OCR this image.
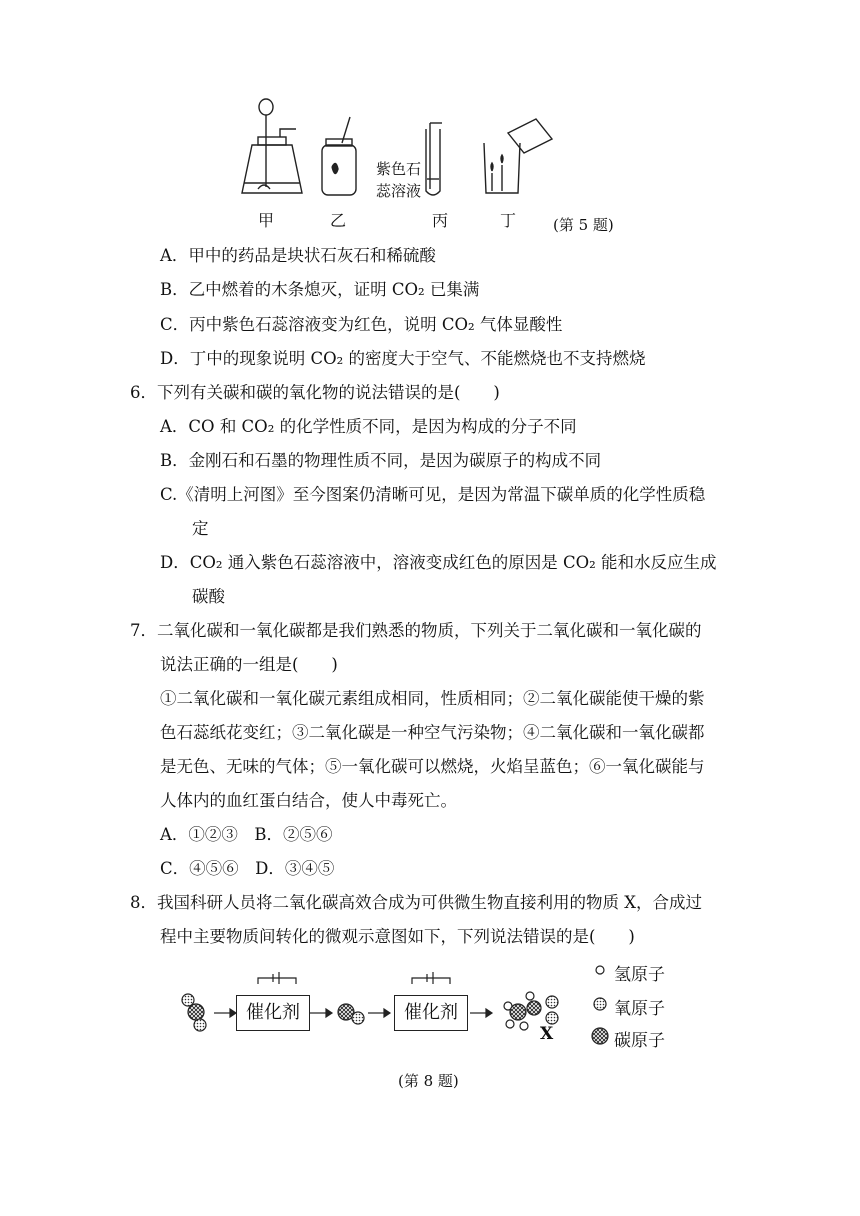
紫色石
蕊溶液
甲	乙	丙	丁 (第 5 题)
A．甲中的药品是块状石灰石和稀硫酸
B．乙中燃着的木条熄灭，证明 CO₂ 已集满
C．丙中紫色石蕊溶液变为红色，说明 CO₂ 气体显酸性
D．丁中的现象说明 CO₂ 的密度大于空气、不能燃烧也不支持燃烧
6．下列有关碳和碳的氧化物的说法错误的是(　　)
A．CO 和 CO₂ 的化学性质不同，是因为构成的分子不同
B．金刚石和石墨的物理性质不同，是因为碳原子的构成不同
C.《清明上河图》至今图案仍清晰可见，是因为常温下碳单质的化学性质稳
定
D．CO₂ 通入紫色石蕊溶液中，溶液变成红色的原因是 CO₂ 能和水反应生成
碳酸
7．二氧化碳和一氧化碳都是我们熟悉的物质，下列关于二氧化碳和一氧化碳的
说法正确的一组是(　　)
①二氧化碳和一氧化碳元素组成相同，性质相同；②二氧化碳能使干燥的紫
色石蕊纸花变红；③二氧化碳是一种空气污染物；④二氧化碳和一氧化碳都
是无色、无味的气体；⑤一氧化碳可以燃烧，火焰呈蓝色；⑥一氧化碳能与
人体内的血红蛋白结合，使人中毒死亡。
A．①②③　B．②⑤⑥
C．④⑤⑥　D．③④⑤
8．我国科研人员将二氧化碳高效合成为可供微生物直接利用的物质 X，合成过
程中主要物质间转化的微观示意图如下，下列说法错误的是(　　)
催化剂	催化剂
X
氢原子
氧原子
碳原子
(第 8 题)
